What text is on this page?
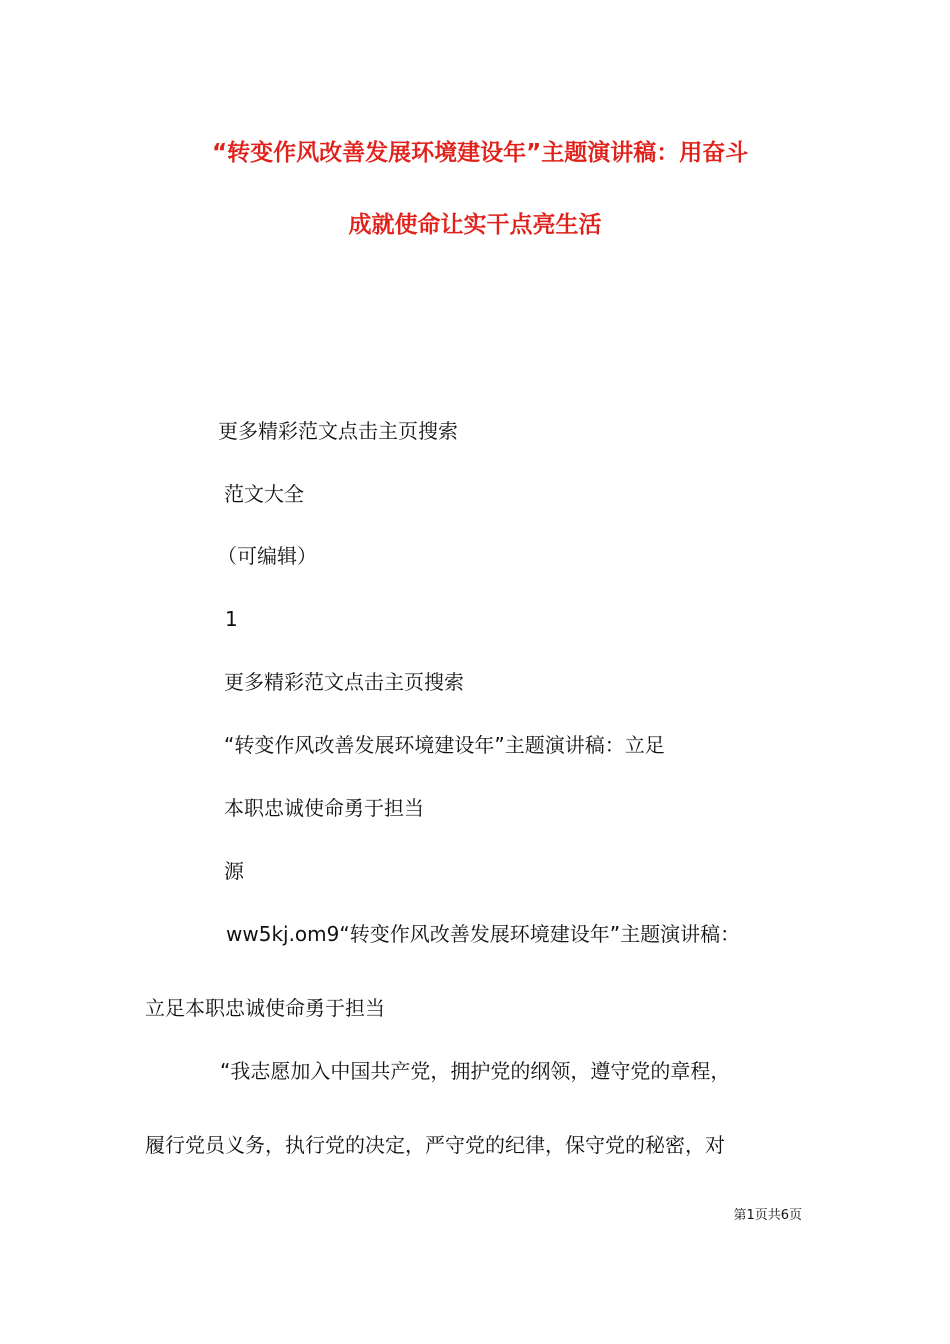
“转变作风改善发展环境建设年”主题演讲稿：用奋斗
成就使命让实干点亮生活
更多精彩范文点击主页搜索
范文大全
（可编辑）
1
更多精彩范文点击主页搜索
“转变作风改善发展环境建设年”主题演讲稿：立足
本职忠诚使命勇于担当
源
ww5kj.om9“转变作风改善发展环境建设年”主题演讲稿：
立足本职忠诚使命勇于担当
“我志愿加入中国共产党，拥护党的纲领，遵守党的章程，
履行党员义务，执行党的决定，严守党的纪律，保守党的秘密，对
第1页共6页
